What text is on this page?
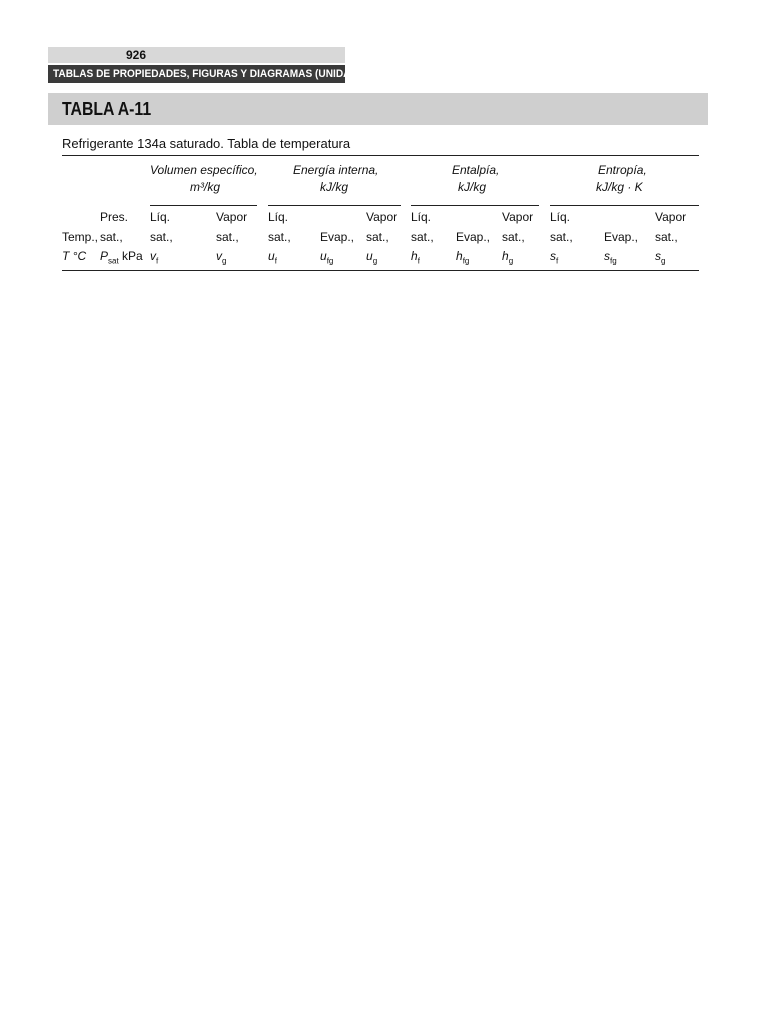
926
TABLAS DE PROPIEDADES, FIGURAS Y DIAGRAMAS (UNIDADES SI)
TABLA A-11
Refrigerante 134a saturado. Tabla de temperatura
Volumen específico,
m³/kg
Energía interna,
kJ/kg
Entalpía,
kJ/kg
Entropía,
kJ/kg · K
Temp.,
T °C
Pres.
sat.,
$P_{sat}$ kPa
Líq.
sat.,
$v_f$
Vapor
sat.,
$v_g$
Líq.
sat.,
$u_f$
Evap.,
$u_{fg}$
Vapor
sat.,
$u_g$
Líq.
sat.,
$h_f$
Evap.,
$h_{fg}$
Vapor
sat.,
$h_g$
Líq.
sat.,
$s_f$
Evap.,
$s_{fg}$
Vapor
sat.,
$s_g$
